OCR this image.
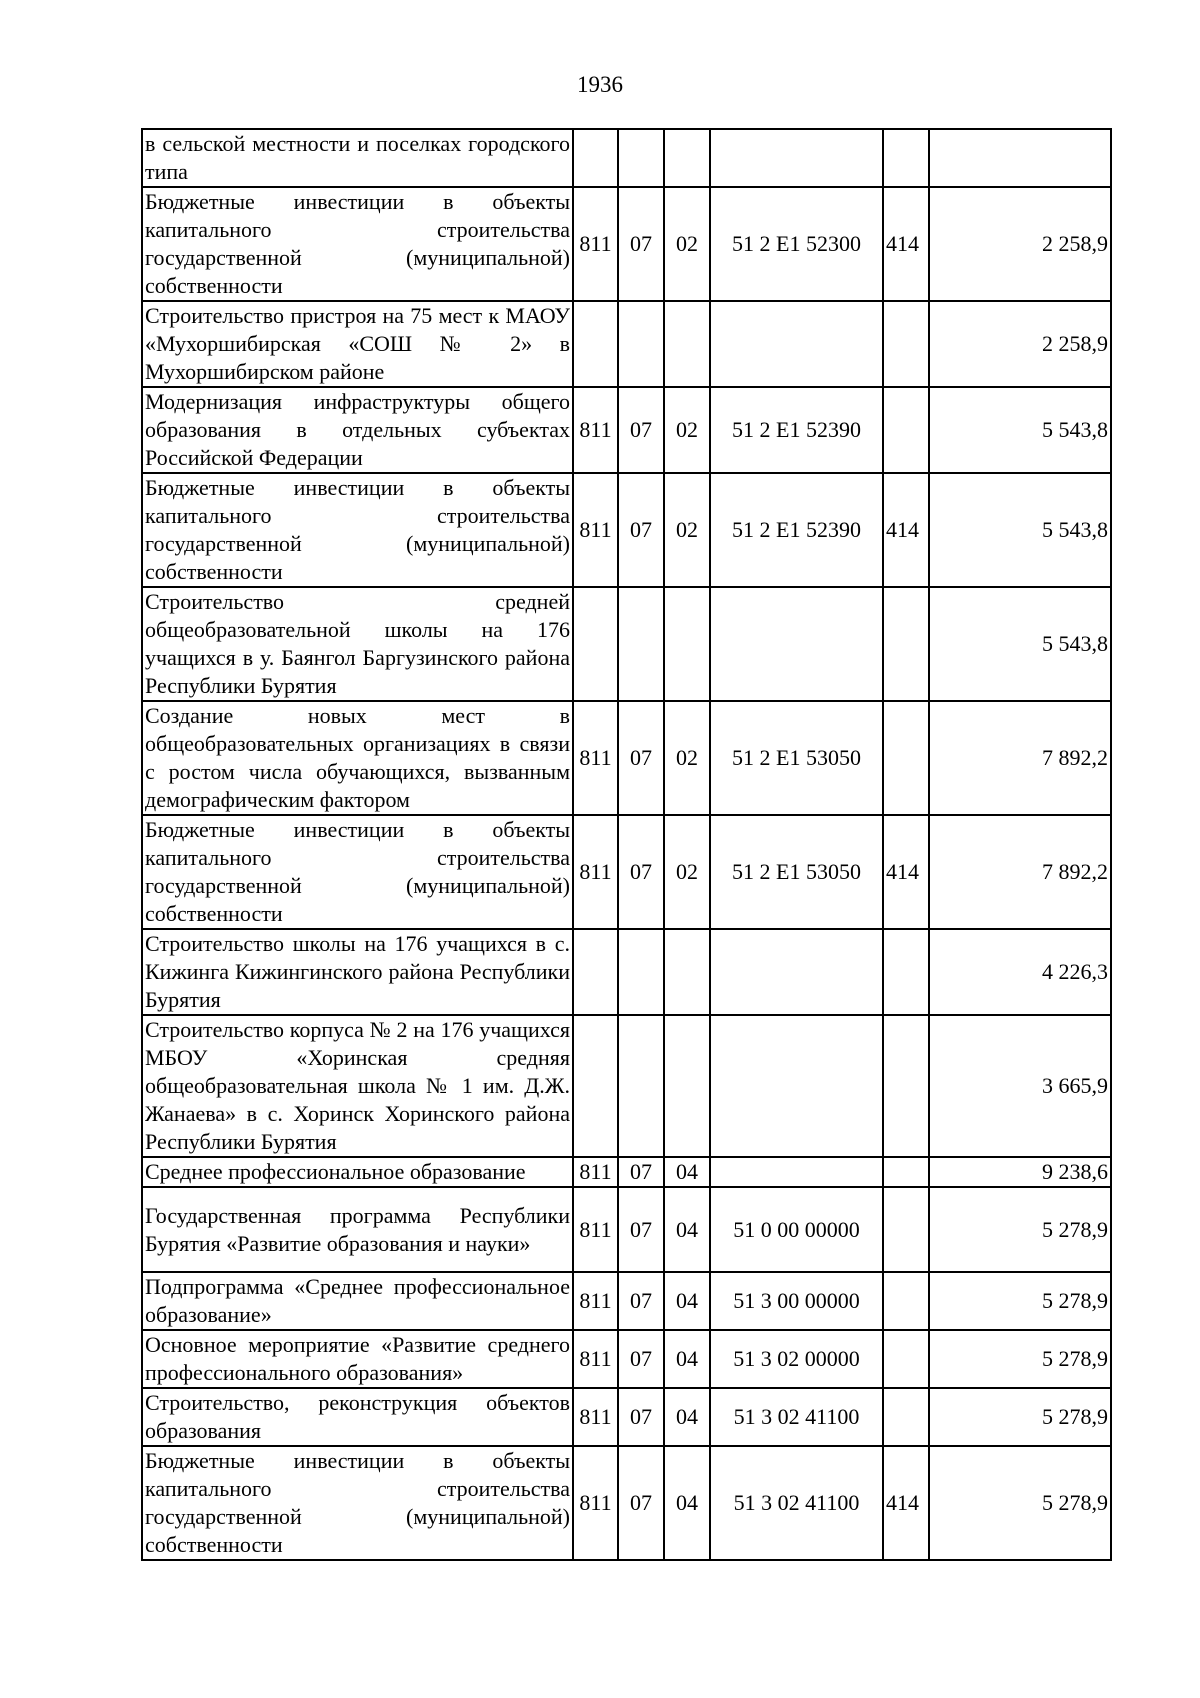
1936
в сельской местности и поселках городского типа						
Бюджетные инвестиции в объекты капитального строительства государственной (муниципальной) собственности	811	07	02	51 2 Е1 52300	414	2 258,9
Строительство пристроя на 75 мест к МАОУ «Мухоршибирская «СОШ № 2» в Мухоршибирском районе						2 258,9
Модернизация инфраструктуры общего образования в отдельных субъектах Российской Федерации	811	07	02	51 2 Е1 52390		5 543,8
Бюджетные инвестиции в объекты капитального строительства государственной (муниципальной) собственности	811	07	02	51 2 Е1 52390	414	5 543,8
Строительство средней общеобразовательной школы на 176 учащихся в у. Баянгол Баргузинского района Республики Бурятия						5 543,8
Создание новых мест в общеобразовательных организациях в связи с ростом числа обучающихся, вызванным демографическим фактором	811	07	02	51 2 Е1 53050		7 892,2
Бюджетные инвестиции в объекты капитального строительства государственной (муниципальной) собственности	811	07	02	51 2 Е1 53050	414	7 892,2
Строительство школы на 176 учащихся в с. Кижинга Кижингинского района Республики Бурятия						4 226,3
Строительство корпуса № 2 на 176 учащихся МБОУ «Хоринская средняя общеобразовательная школа № 1 им. Д.Ж. Жанаева» в с. Хоринск Хоринского района Республики Бурятия						3 665,9
Среднее профессиональное образование	811	07	04			9 238,6
Государственная программа Республики Бурятия «Развитие образования и науки»	811	07	04	51 0 00 00000		5 278,9
Подпрограмма «Среднее профессиональное образование»	811	07	04	51 3 00 00000		5 278,9
Основное мероприятие «Развитие среднего профессионального образования»	811	07	04	51 3 02 00000		5 278,9
Строительство, реконструкция объектов образования	811	07	04	51 3 02 41100		5 278,9
Бюджетные инвестиции в объекты капитального строительства государственной (муниципальной) собственности	811	07	04	51 3 02 41100	414	5 278,9
